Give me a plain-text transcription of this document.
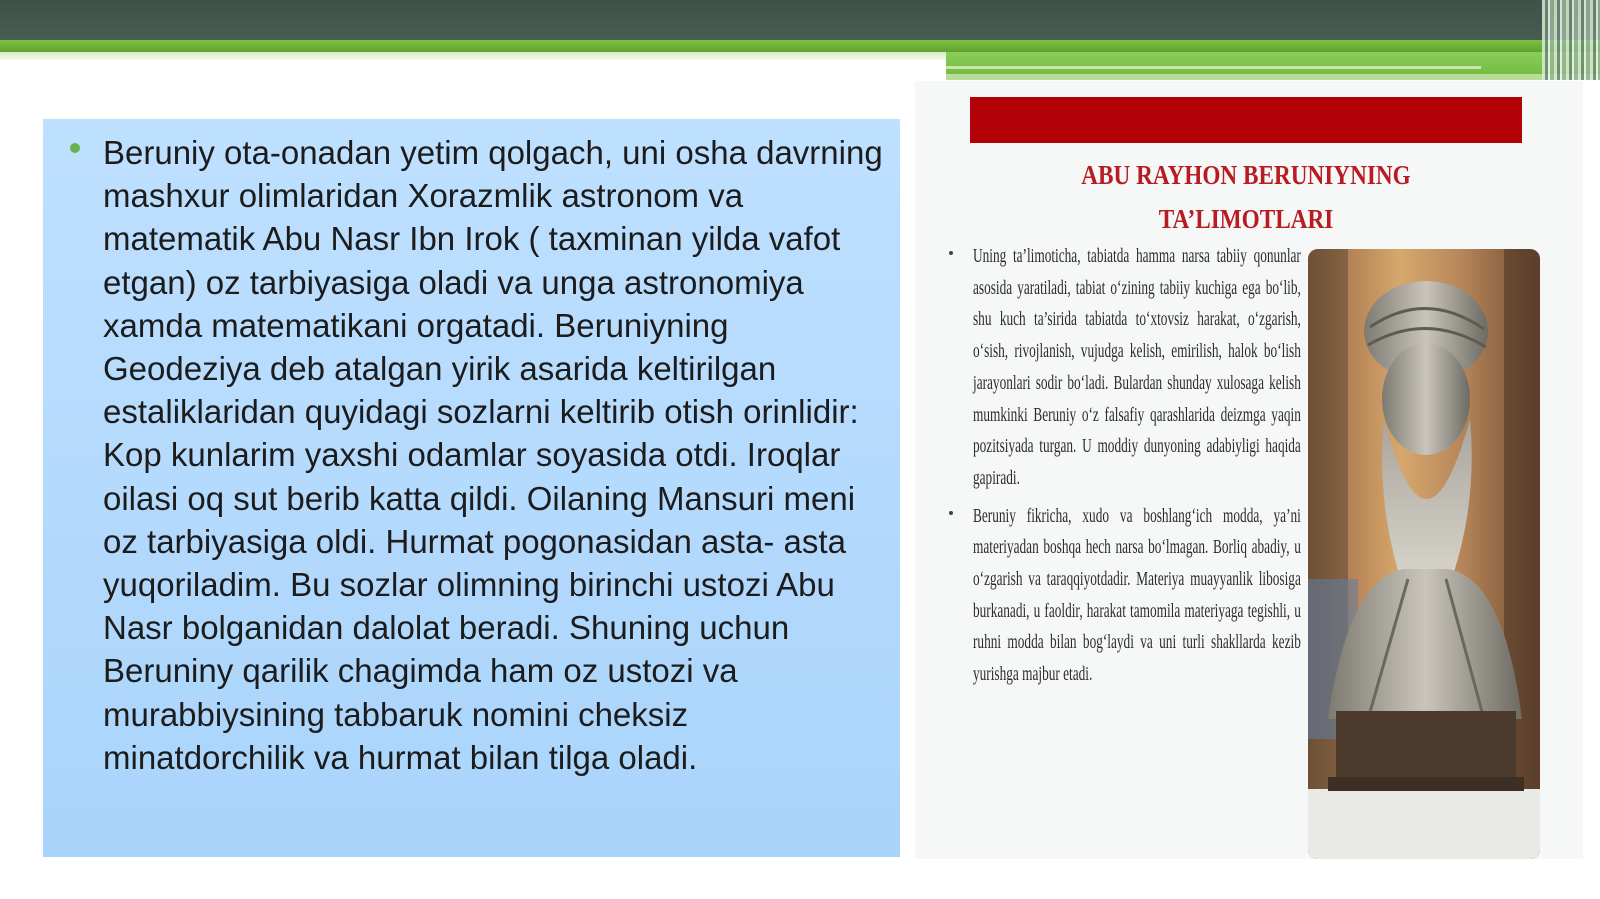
Beruniy ota-onadan yetim qolgach, uni osha davrning mashxur olimlaridan Xorazmlik astronom va matematik Abu Nasr Ibn Irok ( taxminan yilda vafot etgan) oz tarbiyasiga oladi va unga astronomiya xamda matematikani orgatadi. Beruniyning Geodeziya deb atalgan yirik asarida keltirilgan estaliklaridan quyidagi sozlarni keltirib otish orinlidir: Kop kunlarim yaxshi odamlar soyasida otdi. Iroqlar oilasi oq sut berib katta qildi. Oilaning Mansuri meni oz tarbiyasiga oldi. Hurmat pogonasidan asta- asta yuqoriladim. Bu sozlar olimning birinchi ustozi Abu Nasr bolganidan dalolat beradi. Shuning uchun Beruniny qarilik chagimda ham oz ustozi va murabbiysining tabbaruk nomini cheksiz minatdorchilik va hurmat bilan tilga oladi.

ABU RAYHON BERUNIYNING
TA’LIMOTLARI
Uning ta’limoticha, tabiatda hamma narsa tabiiy qonunlar asosida yaratiladi, tabiat o‘zining tabiiy kuchiga ega bo‘lib, shu kuch ta’sirida tabiatda to‘xtovsiz harakat, o‘zgarish, o‘sish, rivojlanish, vujudga kelish, emirilish, halok bo‘lish jarayonlari sodir bo‘ladi. Bulardan shunday xulosaga kelish mumkinki Beruniy o‘z falsafiy qarashlarida deizmga yaqin pozitsiyada turgan. U moddiy dunyoning adabiyligi haqida gapiradi.
Beruniy fikricha, xudo va boshlang‘ich modda, ya’ni materiyadan boshqa hech narsa bo‘lmagan. Borliq abadiy, u o‘zgarish va taraqqiyotdadir. Materiya muayyanlik libosiga burkanadi, u faoldir, harakat tamomila materiyaga tegishli, u ruhni modda bilan bog‘laydi va uni turli shakllarda kezib yurishga majbur etadi.
